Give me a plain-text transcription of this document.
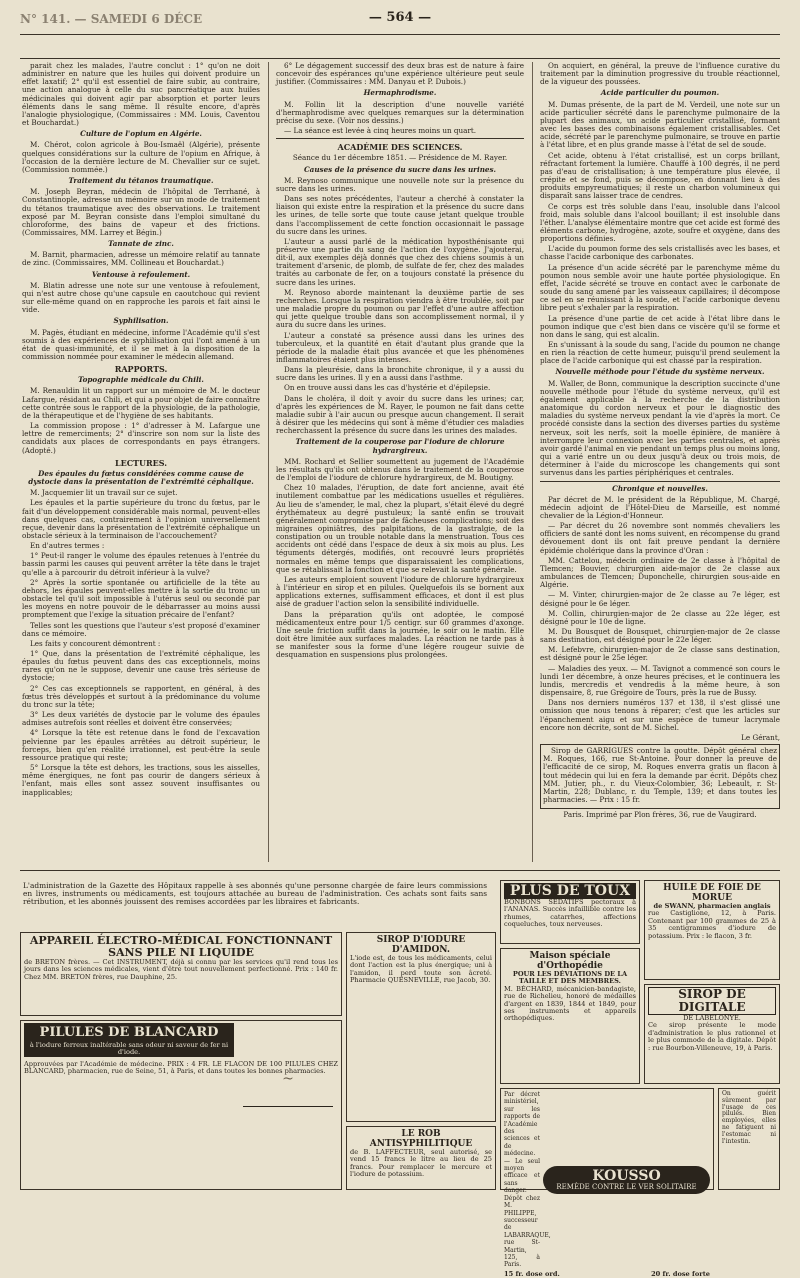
N° 141. — SAMEDI 6 DÉCE	— 564 —

parait chez les malades, l'autre conclut : 1° qu'on ne doit administrer en nature que les huiles qui doivent produire un effet laxatif; 2° qu'il est essentiel de faire subir, au contraire, une action analogue à celle du suc pancréatique aux huiles médicinales qui doivent agir par absorption et porter leurs éléments dans le sang même. Il résulte encore, d'après l'analogie physiologique, (Commissaires : MM. Louis, Caventou et Bouchardat.)

Culture de l'opium en Algérie.

M. Chérot, colon agricole à Bou-Ismaël (Algérie), présente quelques considérations sur la culture de l'opium en Afrique, à l'occasion de la dernière lecture de M. Chevallier sur ce sujet. (Commission nommée.)

Traitement du tétanos traumatique.

M. Joseph Beyran, médecin de l'hôpital de Terrhané, à Constantinople, adresse un mémoire sur un mode de traitement du tétanos traumatique avec des observations. Le traitement exposé par M. Beyran consiste dans l'emploi simultané du chloroforme, des bains de vapeur et des frictions. (Commissaires, MM. Larrey et Bégin.)

Tannate de zinc.

M. Barnit, pharmacien, adresse un mémoire relatif au tannate de zinc. (Commissaires, MM. Collineau et Bouchardat.)

Ventouse à refoulement.

M. Blatin adresse une note sur une ventouse à refoulement, qui n'est autre chose qu'une capsule en caoutchouc qui revient sur elle-même quand on en rapproche les parois et fait ainsi le vide.

Syphilisation.

M. Pagès, étudiant en médecine, informe l'Académie qu'il s'est soumis à des expériences de syphilisation qui l'ont amené à un état de quasi-immunité, et il se met à la disposition de la commission nommée pour examiner le médecin allemand.

RAPPORTS.

Topographie médicale du Chili.

M. Renauldin lit un rapport sur un mémoire de M. le docteur Lafargue, résidant au Chili, et qui a pour objet de faire connaître cette contrée sous le rapport de la physiologie, de la pathologie, de la thérapeutique et de l'hygiène de ses habitants.

La commission propose : 1° d'adresser à M. Lafargue une lettre de remerciments; 2° d'inscrire son nom sur la liste des candidats aux places de correspondants en pays étrangers. (Adopté.)

LECTURES.

Des épaules du fœtus considérées comme cause de dystocie dans la présentation de l'extrémité céphalique.

M. Jacquemier lit un travail sur ce sujet.

Les épaules et la partie supérieure du tronc du fœtus, par le fait d'un développement considérable mais normal, peuvent-elles dans quelques cas, contrairement à l'opinion universellement reçue, devenir dans la présentation de l'extrémité céphalique un obstacle sérieux à la terminaison de l'accouchement?

En d'autres termes :

1° Peut-il ranger le volume des épaules retenues à l'entrée du bassin parmi les causes qui peuvent arrêter la tête dans le trajet qu'elle a à parcourir du détroit inférieur à la vulve?

2° Après la sortie spontanée ou artificielle de la tête au dehors, les épaules peuvent-elles mettre à la sortie du tronc un obstacle tel qu'il soit impossible à l'utérus seul ou secondé par les moyens en notre pouvoir de le débarrasser au moins aussi promptement que l'exige la situation précaire de l'enfant?

Telles sont les questions que l'auteur s'est proposé d'examiner dans ce mémoire.

Les faits y concourent démontrent :

1° Que, dans la présentation de l'extrémité céphalique, les épaules du fœtus peuvent dans des cas exceptionnels, moins rares qu'on ne le suppose, devenir une cause très sérieuse de dystocie;

2° Ces cas exceptionnels se rapportent, en général, à des fœtus très développés et surtout à la prédominance du volume du tronc sur la tête;

3° Les deux variétés de dystocie par le volume des épaules admises autrefois sont réelles et doivent être conservées;

4° Lorsque la tête est retenue dans le fond de l'excavation pelvienne par les épaules arrêtées au détroit supérieur, le forceps, bien qu'en réalité irrationnel, est peut-être la seule ressource pratique qui reste;

5° Lorsque la tête est dehors, les tractions, sous les aisselles, même énergiques, ne font pas courir de dangers sérieux à l'enfant, mais elles sont assez souvent insuffisantes ou inapplicables;

6° Le dégagement successif des deux bras est de nature à faire concevoir des espérances qu'une expérience ultérieure peut seule justifier. (Commissaires : MM. Danyau et P. Dubois.)

Hermaphrodisme.

M. Follin lit la description d'une nouvelle variété d'hermaphrodisme avec quelques remarques sur la détermination précise du sexe. (Voir nos dessins.)

— La séance est levée à cinq heures moins un quart.

ACADÉMIE DES SCIENCES.

Séance du 1er décembre 1851. — Présidence de M. Rayer.

Causes de la présence du sucre dans les urines.

M. Reynoso communique une nouvelle note sur la présence du sucre dans les urines.

Dans ses notes précédentes, l'auteur a cherché à constater la liaison qui existe entre la respiration et la présence du sucre dans les urines, de telle sorte que toute cause jetant quelque trouble dans l'accomplissement de cette fonction occasionnait le passage du sucre dans les urines.

L'auteur a aussi parlé de la médication hyposthénisante qui préserve une partie du sang de l'action de l'oxygène. J'ajouterai, dit-il, aux exemples déjà donnés que chez des chiens soumis à un traitement d'arsenic, de plomb, de sulfate de fer, chez des malades traités au carbonate de fer, on a toujours constaté la présence du sucre dans les urines.

M. Reynoso aborde maintenant la deuxième partie de ses recherches. Lorsque la respiration viendra à être troublée, soit par une maladie propre du poumon ou par l'effet d'une autre affection qui jette quelque trouble dans son accomplissement normal, il y aura du sucre dans les urines.

L'auteur a constaté sa présence aussi dans les urines des tuberculeux, et la quantité en était d'autant plus grande que la période de la maladie était plus avancée et que les phénomènes inflammatoires étaient plus intenses.

Dans la pleurésie, dans la bronchite chronique, il y a aussi du sucre dans les urines. Il y en a aussi dans l'asthme.

On en trouve aussi dans les cas d'hystérie et d'épilepsie.

Dans le choléra, il doit y avoir du sucre dans les urines; car, d'après les expériences de M. Rayer, le poumon ne fait dans cette maladie subir à l'air aucun ou presque aucun changement. Il serait à désirer que les médecins qui sont à même d'étudier ces maladies recherchassent la présence du sucre dans les urines des malades.

Traitement de la couperose par l'iodure de chlorure hydrargireux.

MM. Rochard et Sellier soumettent au jugement de l'Académie les résultats qu'ils ont obtenus dans le traitement de la couperose de l'emploi de l'iodure de chlorure hydrargireux, de M. Boutigny.

Chez 10 malades, l'éruption, de date fort ancienne, avait été inutilement combattue par les médications usuelles et régulières. Au lieu de s'amender, le mal, chez la plupart, s'était élevé du degré érythémateux au degré pustuleux; la santé enfin se trouvait généralement compromise par de fâcheuses complications; soit des migraines opiniâtres, des palpitations, de la gastralgie, de la constipation ou un trouble notable dans la menstruation. Tous ces accidents ont cédé dans l'espace de deux à six mois au plus. Les téguments détergés, modifiés, ont recouvré leurs propriétés normales en même temps que disparaissaient les complications, que se rétablissait la fonction et que se relevait la santé générale.

Les auteurs emploient souvent l'iodure de chlorure hydrargireux à l'intérieur en sirop et en pilules. Quelquefois ils se bornent aux applications externes, suffisamment efficaces, et dont il est plus aisé de graduer l'action selon la sensibilité individuelle.

Dans la préparation qu'ils ont adoptée, le composé médicamenteux entre pour 1/5 centigr. sur 60 grammes d'axonge. Une seule friction suffit dans la journée, le soir ou le matin. Elle doit être limitée aux surfaces malades. La réaction ne tarde pas à se manifester sous la forme d'une légère rougeur suivie de desquamation en suspensions plus prolongées.

On acquiert, en général, la preuve de l'influence curative du traitement par la diminution progressive du trouble réactionnel, de la vigueur des poussées.

Acide particulier du poumon.

M. Dumas présente, de la part de M. Verdeil, une note sur un acide particulier sécrété dans le parenchyme pulmonaire de la plupart des animaux, un acide particulier cristallisé, formant avec les bases des combinaisons également cristallisables. Cet acide, sécrété par le parenchyme pulmonaire, se trouve en partie à l'état libre, et en plus grande masse à l'état de sel de soude.

Cet acide, obtenu à l'état cristallisé, est un corps brillant, réfractant fortement la lumière. Chauffé à 100 degrés, il ne perd pas d'eau de cristallisation; à une température plus élevée, il crépite et se fond, puis se décompose, en donnant lieu à des produits empyreumatiques; il reste un charbon volumineux qui disparaît sans laisser trace de cendres.

Ce corps est très soluble dans l'eau, insoluble dans l'alcool froid, mais soluble dans l'alcool bouillant; il est insoluble dans l'éther. L'analyse élémentaire montre que cet acide est formé des éléments carbone, hydrogène, azote, soufre et oxygène, dans des proportions définies.

L'acide du poumon forme des sels cristallisés avec les bases, et chasse l'acide carbonique des carbonates.

La présence d'un acide sécrété par le parenchyme même du poumon nous semble avoir une haute portée physiologique. En effet, l'acide sécrété se trouve en contact avec le carbonate de soude du sang amené par les vaisseaux capillaires; il décompose ce sel en se réunissant à la soude, et l'acide carbonique devenu libre peut s'exhaler par la respiration.

La présence d'une partie de cet acide à l'état libre dans le poumon indique que c'est bien dans ce viscère qu'il se forme et non dans le sang, qui est alcalin.

En s'unissant à la soude du sang, l'acide du poumon ne change en rien la réaction de cette humeur, puisqu'il prend seulement la place de l'acide carbonique qui est chassé par la respiration.

Nouvelle méthode pour l'étude du système nerveux.

M. Waller, de Bonn, communique la description succincte d'une nouvelle méthode pour l'étude du système nerveux, qu'il est également applicable à la recherche de la distribution anatomique du cordon nerveux et pour le diagnostic des maladies du système nerveux pendant la vie d'après la mort. Ce procédé consiste dans la section des diverses parties du système nerveux, soit les nerfs, soit la moelle épinière, de manière à interrompre leur connexion avec les parties centrales, et après avoir gardé l'animal en vie pendant un temps plus ou moins long, qui a varié entre un ou deux jusqu'à deux ou trois mois, de déterminer à l'aide du microscope les changements qui sont survenus dans les parties périphériques et centrales.

Chronique et nouvelles.

Par décret de M. le président de la République, M. Chargé, médecin adjoint de l'Hôtel-Dieu de Marseille, est nommé chevalier de la Légion-d'Honneur.

— Par décret du 26 novembre sont nommés chevaliers les officiers de santé dont les noms suivent, en récompense du grand dévouement dont ils ont fait preuve pendant la dernière épidémie cholérique dans la province d'Oran :

MM. Cattelou, médecin ordinaire de 2e classe à l'hôpital de Tlemcen; Bouvier, chirurgien aide-major de 2e classe aux ambulances de Tlemcen; Duponchelle, chirurgien sous-aide en Algérie.

— M. Vinter, chirurgien-major de 2e classe au 7e léger, est désigné pour le 6e léger.

M. Collin, chirurgien-major de 2e classe au 22e léger, est désigné pour le 10e de ligne.

M. Du Bousquet de Bousquet, chirurgien-major de 2e classe sans destination, est désigné pour le 22e léger.

M. Lefebvre, chirurgien-major de 2e classe sans destination, est désigné pour le 25e léger.

— Maladies des yeux. — M. Tavignot a commencé son cours le lundi 1er décembre, à onze heures précises, et le continuera les lundis, mercredis et vendredis à la même heure, à son dispensaire, 8, rue Grégoire de Tours, près la rue de Bussy.

Dans nos derniers numéros 137 et 138, il s'est glissé une omission que nous tenons à réparer; c'est que les articles sur l'épanchement aigu et sur une espèce de tumeur lacrymale encore non décrite, sont de M. Sichel.

Le Gérant,

Sirop de GARRIGUES contre la goutte. Dépôt général chez M. Roques, 166, rue St-Antoine. Pour donner la preuve de l'efficacité de ce sirop, M. Roques enverra gratis un flacon à tout médecin qui lui en fera la demande par écrit. Dépôts chez MM. Jutier, ph., r. du Vieux-Colombier, 36; Lebeault, r. St-Martin, 228; Dublanc, r. du Temple, 139; et dans toutes les pharmacies. — Prix : 15 fr.

Paris. Imprimé par Plon frères, 36, rue de Vaugirard.

L'administration de la Gazette des Hôpitaux rappelle à ses abonnés qu'une personne chargée de faire leurs commissions en livres, instruments ou médicaments, est toujours attachée au bureau de l'administration. Ces achats sont faits sans rétribution, et les abonnés jouissent des remises accordées par les libraires et fabricants.
APPAREIL ÉLECTRO-MÉDICAL FONCTIONNANT SANS PILE NI LIQUIDE
de BRETON frères. — Cet INSTRUMENT, déjà si connu par les services qu'il rend tous les jours dans les sciences médicales, vient d'être tout nouvellement perfectionné. Prix : 140 fr. Chez MM. BRETON frères, rue Dauphine, 25.
PILULES DE BLANCARD
à l'iodure ferreux inaltérable sans odeur ni saveur de fer ni d'iode.
Approuvées par l'Académie de médecine. PRIX : 4 FR. LE FLACON DE 100 PILULES CHEZ BLANCARD, pharmacien, rue de Seine, 51, à Paris, et dans toutes les bonnes pharmacies.
~
SIROP D'IODURE D'AMIDON.
L'iode est, de tous les médicaments, celui dont l'action est la plus énergique; uni à l'amidon, il perd toute son âcreté. Pharmacie QUESNEVILLE, rue Jacob, 30.
LE ROB ANTISYPHILITIQUE
de B. LAFFECTEUR, seul autorisé, se vend 15 francs le litre au lieu de 25 francs. Pour remplacer le mercure et l'iodure de potassium.
PLUS DE TOUX
BONBONS SÉDATIFS pectoraux à l'ANANAS. Succès infaillible contre les rhumes, catarrhes, affections coqueluches, toux nerveuses.
Maison spéciale d'Orthopédie
POUR LES DÉVIATIONS DE LA TAILLE ET DES MEMBRES.
M. BÉCHARD, mécanicien-bandagiste, rue de Richelieu, honoré de médailles d'argent en 1839, 1844 et 1849, pour ses instruments et appareils orthopédiques.
HUILE DE FOIE DE MORUE
de SWANN, pharmacien anglais
rue Castiglione, 12, à Paris. Contenant par 100 grammes de 25 à 35 centigrammes d'iodure de potassium. Prix : le flacon, 3 fr.
SIROP DE DIGITALE
DE LABÉLONYE.
Ce sirop présente le mode d'administration le plus rationnel et le plus commode de la digitale. Dépôt : rue Bourbon-Villeneuve, 19, à Paris.
Par décret ministériel, sur les rapports de l'Académie des sciences et de médecine. — Le seul moyen efficace et sans danger. Dépôt chez M. PHILIPPE, successeur de LABARRAQUE, rue St-Martin, 125, à Paris.
KOUSSO
REMÈDE CONTRE LE VER SOLITAIRE
15 fr. dose ord.	20 fr. dose forte
On guérit sûrement par l'usage de ces pilules. Bien employées, elles ne fatiguent ni l'estomac ni l'intestin.
